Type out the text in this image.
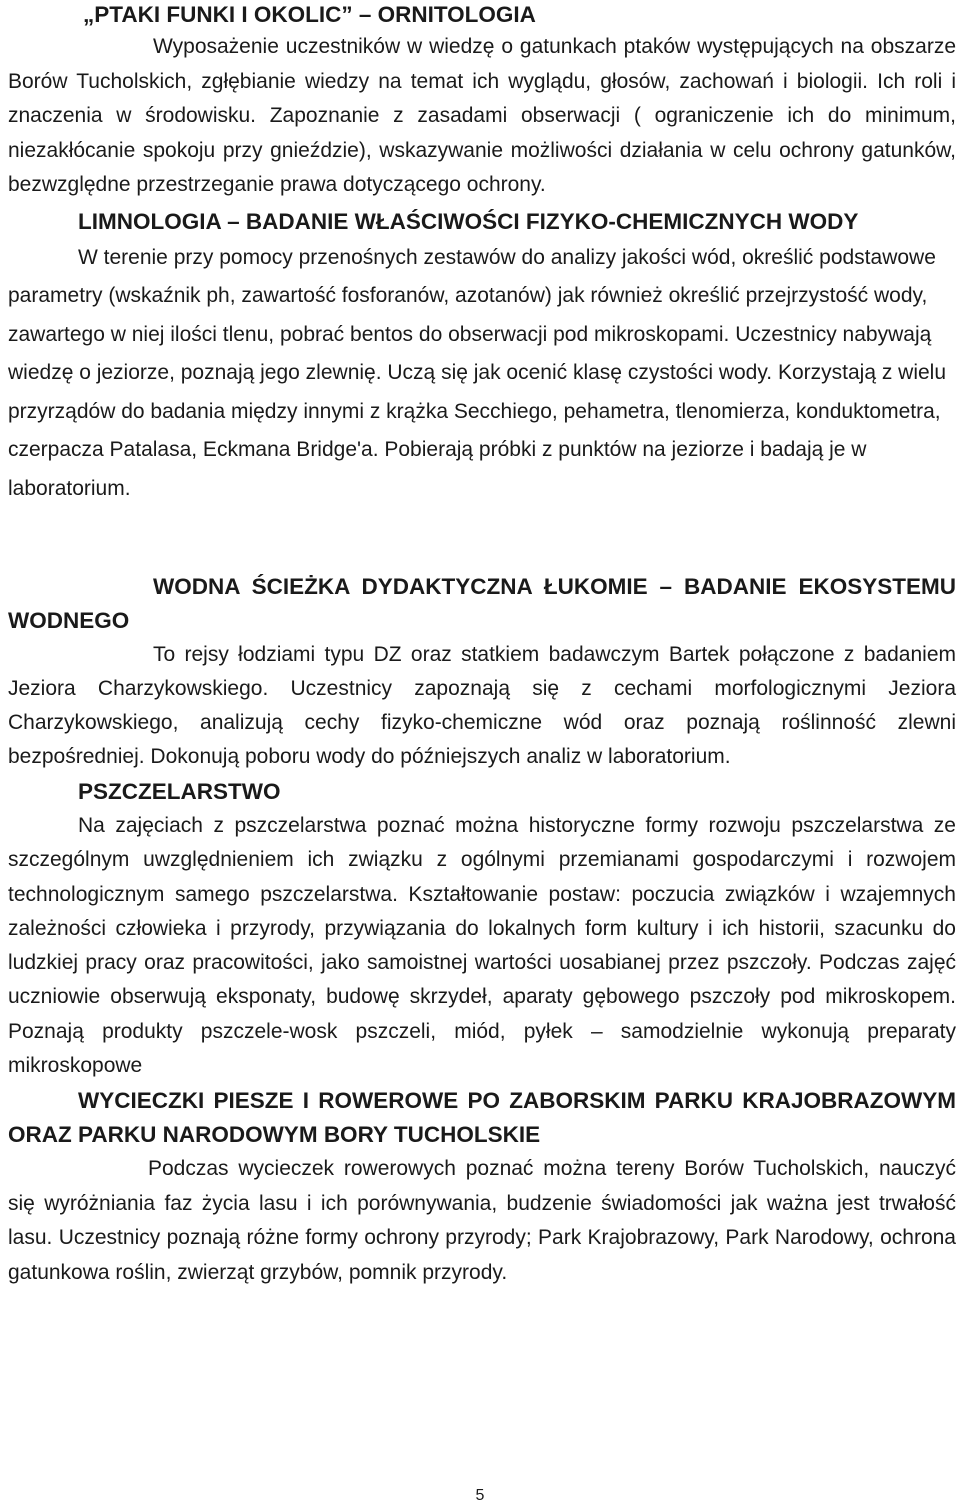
„PTAKI FUNKI I OKOLIC” – ORNITOLOGIA

Wyposażenie uczestników w wiedzę o gatunkach ptaków występujących na obszarze Borów Tucholskich, zgłębianie wiedzy na temat ich wyglądu, głosów, zachowań i biologii. Ich roli i znaczenia w środowisku. Zapoznanie z zasadami obserwacji ( ograniczenie ich do minimum, niezakłócanie spokoju przy gnieździe), wskazywanie możliwości działania w celu ochrony gatunków, bezwzględne przestrzeganie prawa dotyczącego ochrony.

LIMNOLOGIA – BADANIE WŁAŚCIWOŚCI FIZYKO-CHEMICZNYCH WODY

W terenie przy pomocy przenośnych zestawów do analizy jakości wód, określić podstawowe parametry (wskaźnik ph, zawartość fosforanów, azotanów) jak również określić przejrzystość wody, zawartego w niej ilości tlenu, pobrać bentos do obserwacji pod mikroskopami. Uczestnicy nabywają wiedzę o jeziorze, poznają jego zlewnię. Uczą się jak ocenić klasę czystości wody. Korzystają z wielu przyrządów do badania między innymi z krążka Secchiego, pehametra, tlenomierza, konduktometra, czerpacza Patalasa, Eckmana Bridge'a. Pobierają próbki z punktów na jeziorze i badają je w laboratorium.

WODNA ŚCIEŻKA DYDAKTYCZNA ŁUKOMIE – BADANIE EKOSYSTEMU WODNEGO

To rejsy łodziami typu DZ oraz statkiem badawczym Bartek połączone z badaniem Jeziora Charzykowskiego. Uczestnicy zapoznają się z cechami morfologicznymi Jeziora Charzykowskiego, analizują cechy fizyko-chemiczne wód oraz poznają roślinność zlewni bezpośredniej. Dokonują poboru wody do późniejszych analiz w laboratorium.

PSZCZELARSTWO

Na zajęciach z pszczelarstwa poznać można historyczne formy rozwoju pszczelarstwa ze szczególnym uwzględnieniem ich związku z ogólnymi przemianami gospodarczymi i rozwojem technologicznym samego pszczelarstwa. Kształtowanie postaw: poczucia związków i wzajemnych zależności człowieka i przyrody, przywiązania do lokalnych form kultury i ich historii, szacunku do ludzkiej pracy oraz pracowitości, jako samoistnej wartości uosabianej przez pszczoły. Podczas zajęć uczniowie obserwują eksponaty, budowę skrzydeł, aparaty gębowego pszczoły pod mikroskopem. Poznają produkty pszczele-wosk pszczeli, miód, pyłek – samodzielnie wykonują preparaty mikroskopowe

WYCIECZKI PIESZE I ROWEROWE PO ZABORSKIM PARKU KRAJOBRAZOWYM ORAZ PARKU NARODOWYM BORY TUCHOLSKIE

Podczas wycieczek rowerowych poznać można tereny Borów Tucholskich, nauczyć się wyróżniania faz życia lasu i ich porównywania, budzenie świadomości jak ważna jest trwałość lasu. Uczestnicy poznają różne formy ochrony przyrody; Park Krajobrazowy, Park Narodowy, ochrona gatunkowa roślin, zwierząt grzybów, pomnik przyrody.

5
